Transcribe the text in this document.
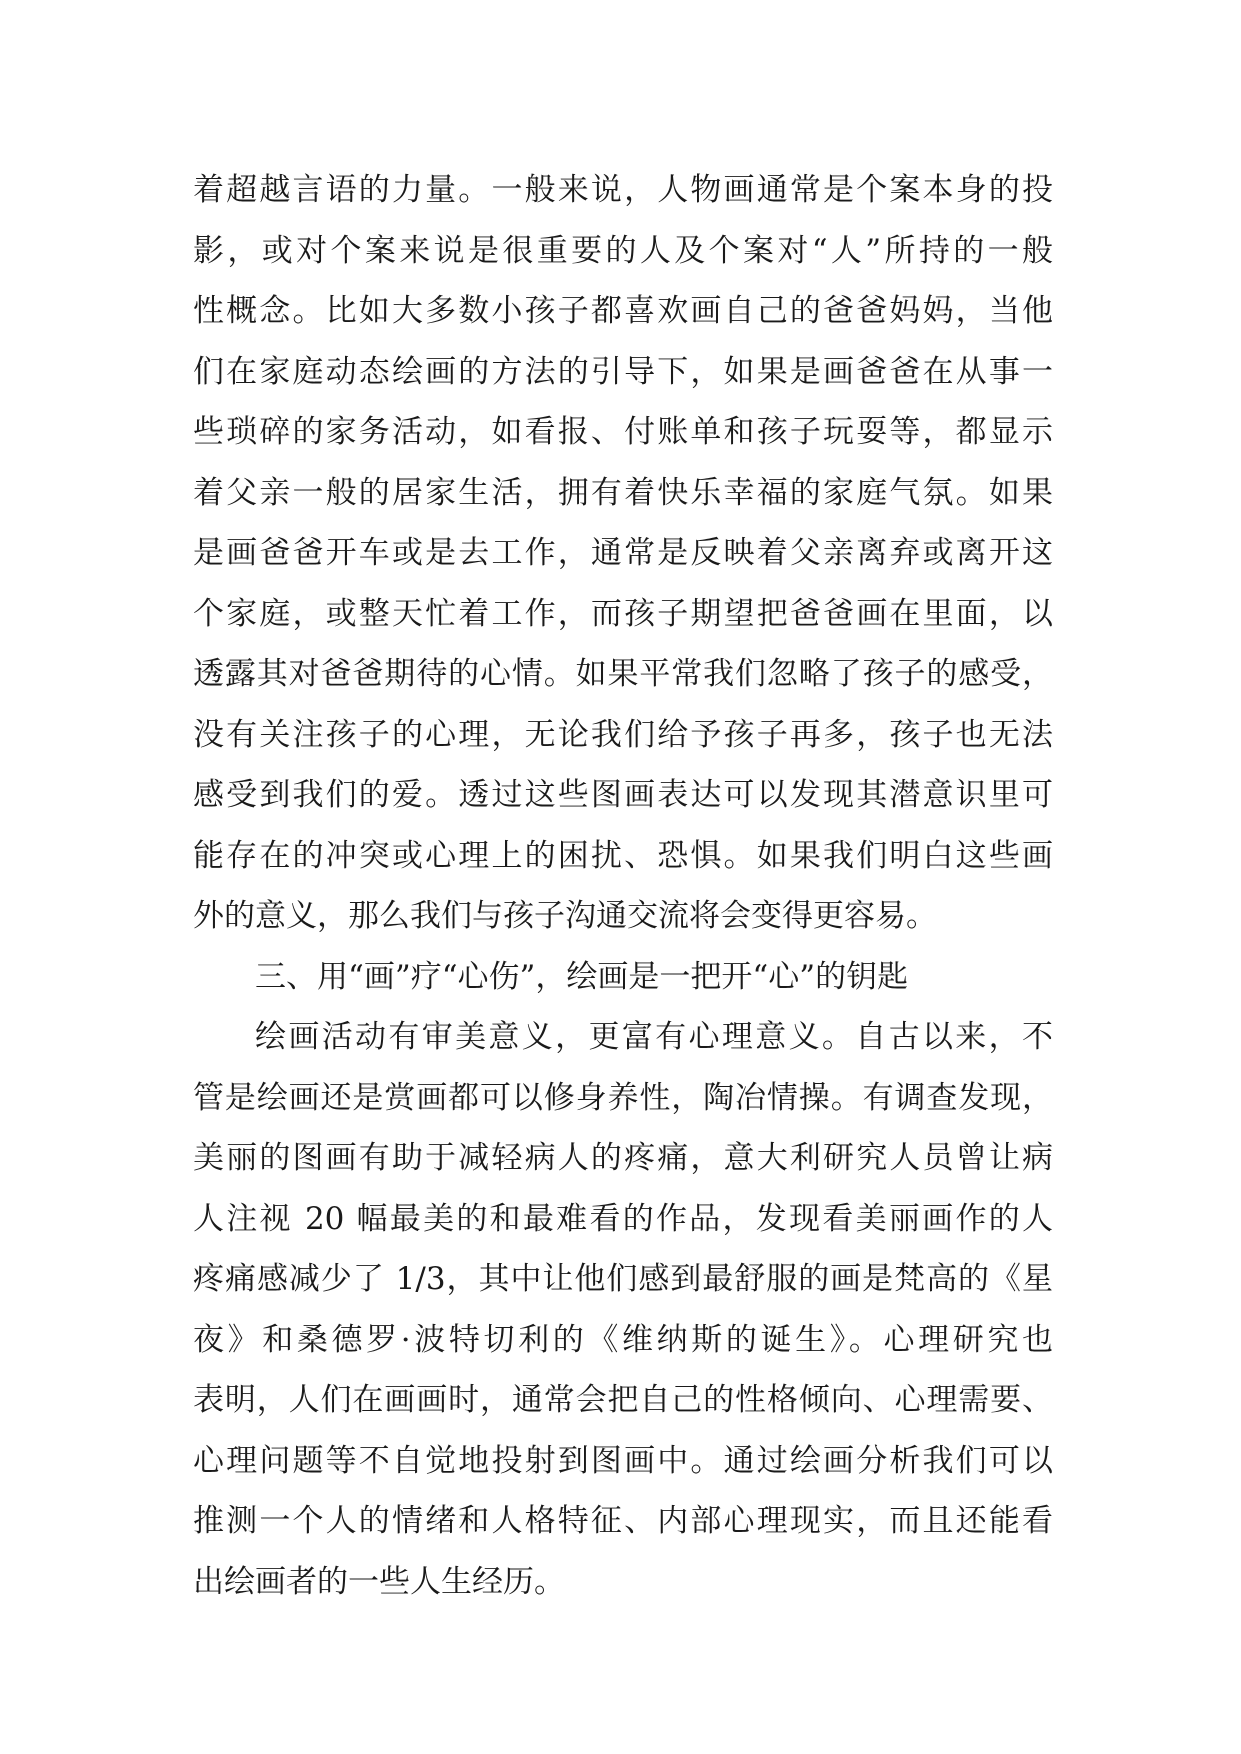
着超越言语的力量。一般来说，人物画通常是个案本身的投
影，或对个案来说是很重要的人及个案对“人”所持的一般
性概念。比如大多数小孩子都喜欢画自己的爸爸妈妈，当他
们在家庭动态绘画的方法的引导下，如果是画爸爸在从事一
些琐碎的家务活动，如看报、付账单和孩子玩耍等，都显示
着父亲一般的居家生活，拥有着快乐幸福的家庭气氛。如果
是画爸爸开车或是去工作，通常是反映着父亲离弃或离开这
个家庭，或整天忙着工作，而孩子期望把爸爸画在里面，以
透露其对爸爸期待的心情。如果平常我们忽略了孩子的感受，
没有关注孩子的心理，无论我们给予孩子再多，孩子也无法
感受到我们的爱。透过这些图画表达可以发现其潜意识里可
能存在的冲突或心理上的困扰、恐惧。如果我们明白这些画
外的意义，那么我们与孩子沟通交流将会变得更容易。
三、用“画”疗“心伤”，绘画是一把开“心”的钥匙
绘画活动有审美意义，更富有心理意义。自古以来，不
管是绘画还是赏画都可以修身养性，陶冶情操。有调查发现，
美丽的图画有助于减轻病人的疼痛，意大利研究人员曾让病
人注视 20 幅最美的和最难看的作品，发现看美丽画作的人
疼痛感减少了 1/3，其中让他们感到最舒服的画是梵高的《星
夜》和桑德罗·波特切利的《维纳斯的诞生》。心理研究也
表明，人们在画画时，通常会把自己的性格倾向、心理需要、
心理问题等不自觉地投射到图画中。通过绘画分析我们可以
推测一个人的情绪和人格特征、内部心理现实，而且还能看
出绘画者的一些人生经历。
